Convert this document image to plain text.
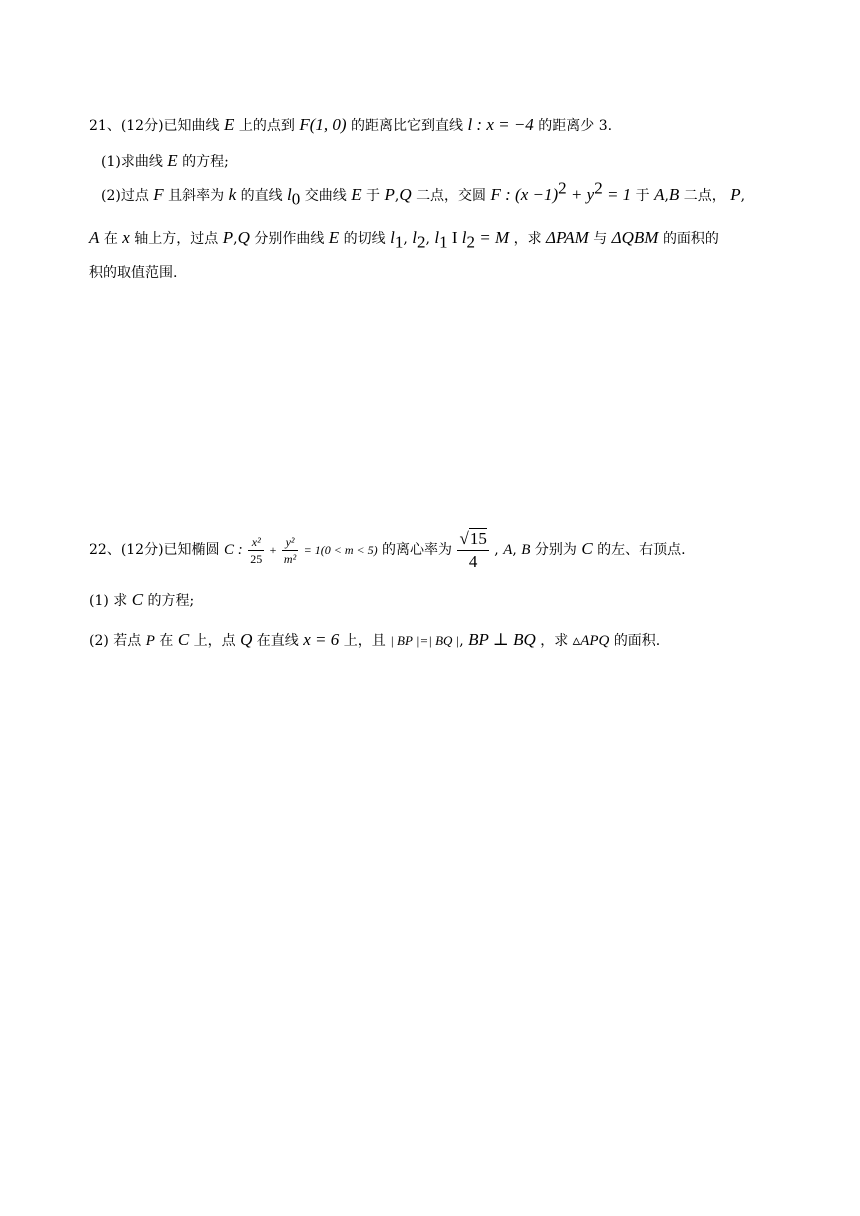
21、(12分)已知曲线 E 上的点到 F(1, 0) 的距离比它到直线 l : x = −4 的距离少 3.
(1)求曲线 E 的方程;
(2)过点 F 且斜率为 k 的直线 $l_0$ 交曲线 E 于 P,Q 二点，交圆 F : $(x -1)^2 + y^2 = 1$ 于 A,B 二点， P,
A 在 x 轴上方，过点 P,Q 分别作曲线 E 的切线 $l_1$, $l_2$, $l_1$ I $l_2 = M$ ，求 ΔPAM 与 ΔQBM 的面积的
积的取值范围.
22、(12分)已知椭圆 C : $\frac{\text{x²}}{25} + \frac{\text{y²}}{\text{m²}} = 1(0 < m < 5)$ 的离心率为 $\frac{√15}{4}$ , A, B 分别为 C 的左、右顶点.
(1) 求 C 的方程;
(2) 若点 P 在 C 上，点 Q 在直线 x = 6 上，且 | BP |=| BQ |, BP ⊥ BQ ，求 ▵APQ 的面积.
